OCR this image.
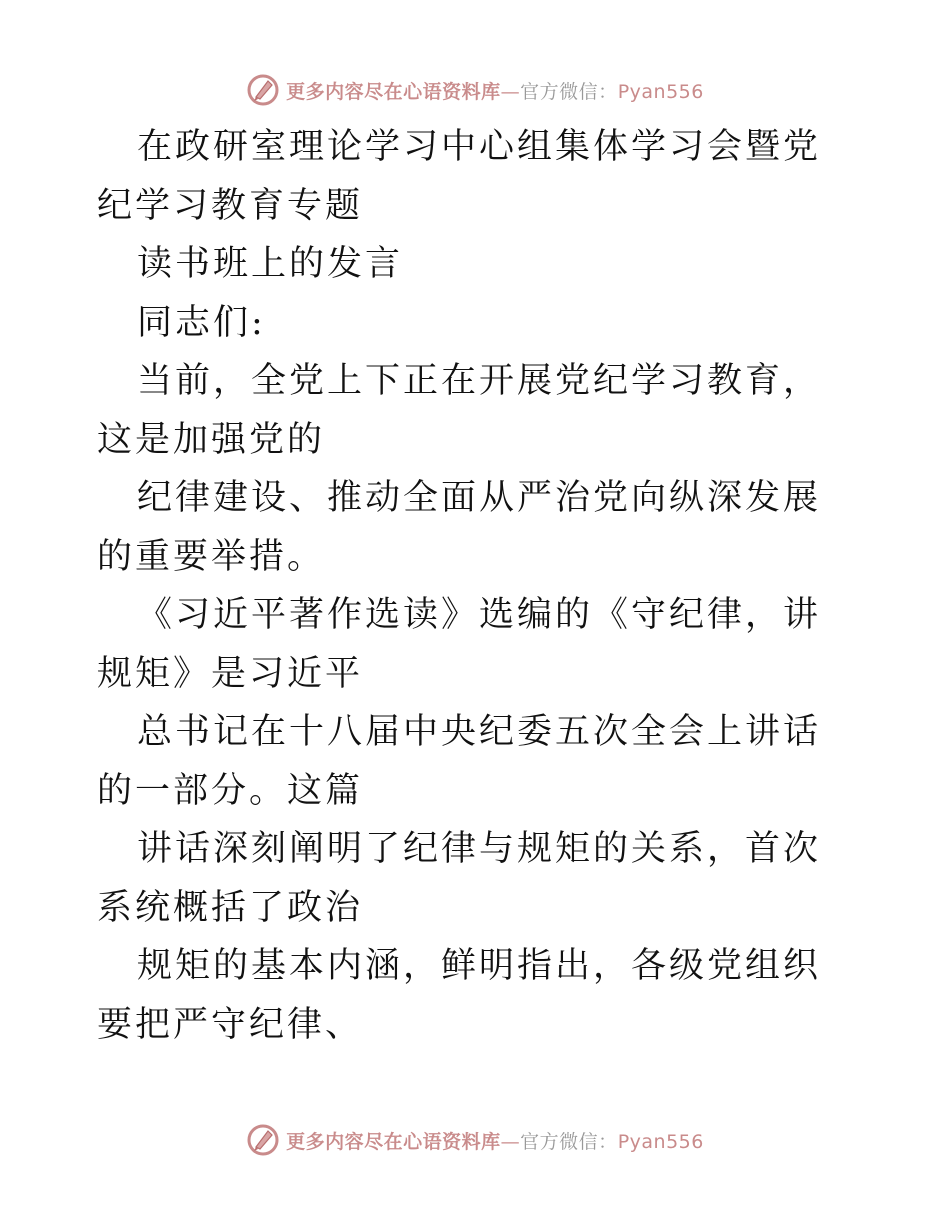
更多内容尽在心语资料库—官方微信：Pyan556

在政研室理论学习中心组集体学习会暨党纪学习教育专题

读书班上的发言

同志们:

当前，全党上下正在开展党纪学习教育，这是加强党的

纪律建设、推动全面从严治党向纵深发展的重要举措。

《习近平著作选读》选编的《守纪律，讲规矩》是习近平

总书记在十八届中央纪委五次全会上讲话的一部分。这篇

讲话深刻阐明了纪律与规矩的关系，首次系统概括了政治

规矩的基本内涵，鲜明指出，各级党组织要把严守纪律、

更多内容尽在心语资料库—官方微信：Pyan556
